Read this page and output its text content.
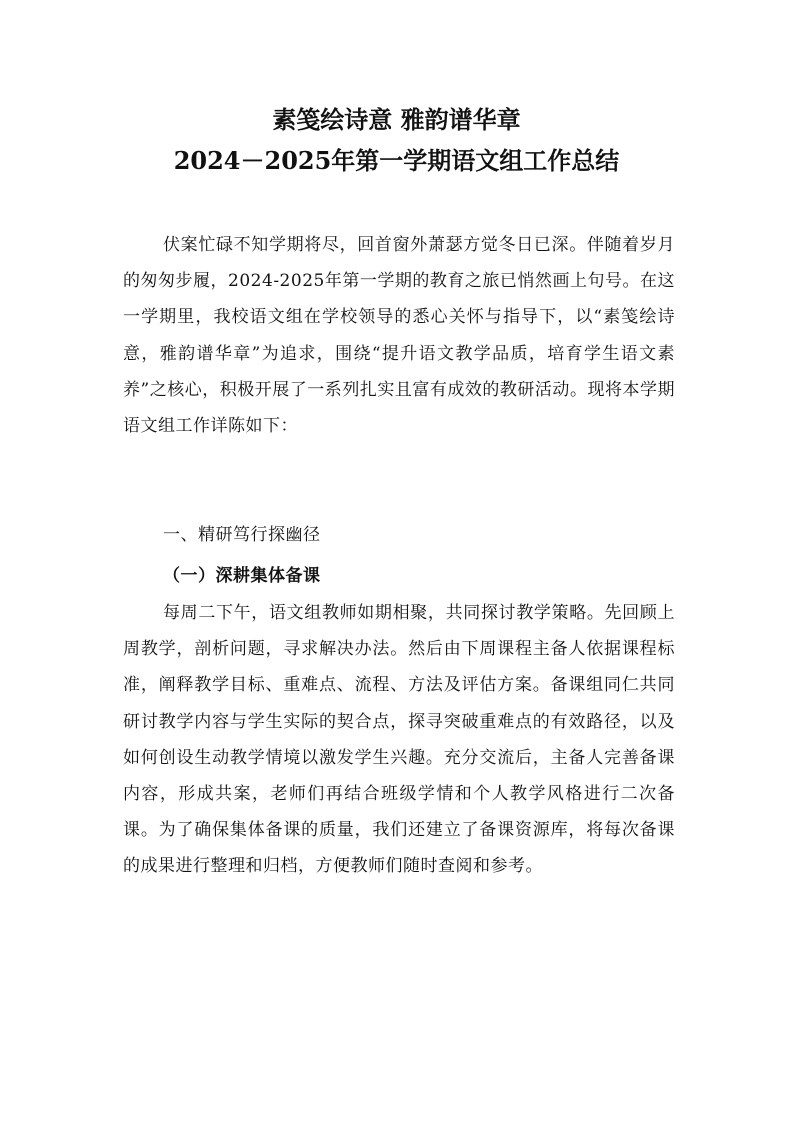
素笺绘诗意 雅韵谱华章
2024－2025年第一学期语文组工作总结
伏案忙碌不知学期将尽，回首窗外萧瑟方觉冬日已深。伴随着岁月的匆匆步履，2024-2025年第一学期的教育之旅已悄然画上句号。在这一学期里，我校语文组在学校领导的悉心关怀与指导下，以“素笺绘诗意，雅韵谱华章”为追求，围绕“提升语文教学品质，培育学生语文素养”之核心，积极开展了一系列扎实且富有成效的教研活动。现将本学期语文组工作详陈如下：
一、精研笃行探幽径
（一）深耕集体备课
每周二下午，语文组教师如期相聚，共同探讨教学策略。先回顾上周教学，剖析问题，寻求解决办法。然后由下周课程主备人依据课程标准，阐释教学目标、重难点、流程、方法及评估方案。备课组同仁共同研讨教学内容与学生实际的契合点，探寻突破重难点的有效路径，以及如何创设生动教学情境以激发学生兴趣。充分交流后，主备人完善备课内容，形成共案，老师们再结合班级学情和个人教学风格进行二次备课。为了确保集体备课的质量，我们还建立了备课资源库，将每次备课的成果进行整理和归档，方便教师们随时查阅和参考。
